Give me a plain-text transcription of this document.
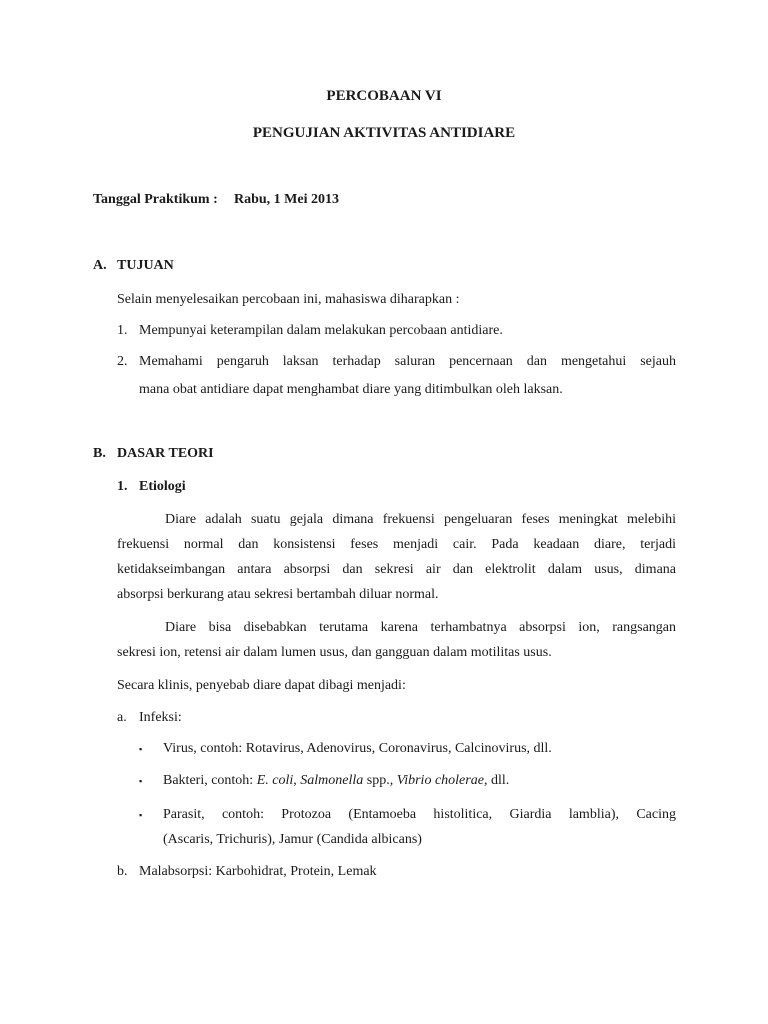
PERCOBAAN VI
PENGUJIAN AKTIVITAS ANTIDIARE
Tanggal Praktikum : Rabu, 1 Mei 2013
A. TUJUAN
Selain menyelesaikan percobaan ini, mahasiswa diharapkan :
1. Mempunyai keterampilan dalam melakukan percobaan antidiare.
2. Memahami pengaruh laksan terhadap saluran pencernaan dan mengetahui sejauh
mana obat antidiare dapat menghambat diare yang ditimbulkan oleh laksan.
B. DASAR TEORI
1. Etiologi
Diare adalah suatu gejala dimana frekuensi pengeluaran feses meningkat melebihi
frekuensi normal dan konsistensi feses menjadi cair. Pada keadaan diare, terjadi
ketidakseimbangan antara absorpsi dan sekresi air dan elektrolit dalam usus, dimana
absorpsi berkurang atau sekresi bertambah diluar normal.
Diare bisa disebabkan terutama karena terhambatnya absorpsi ion, rangsangan
sekresi ion, retensi air dalam lumen usus, dan gangguan dalam motilitas usus.
Secara klinis, penyebab diare dapat dibagi menjadi:
a. Infeksi:
▪ Virus, contoh: Rotavirus, Adenovirus, Coronavirus, Calcinovirus, dll.
▪ Bakteri, contoh: E. coli, Salmonella spp., Vibrio cholerae, dll.
▪ Parasit, contoh: Protozoa (Entamoeba histolitica, Giardia lamblia), Cacing
(Ascaris, Trichuris), Jamur (Candida albicans)
b. Malabsorpsi: Karbohidrat, Protein, Lemak
